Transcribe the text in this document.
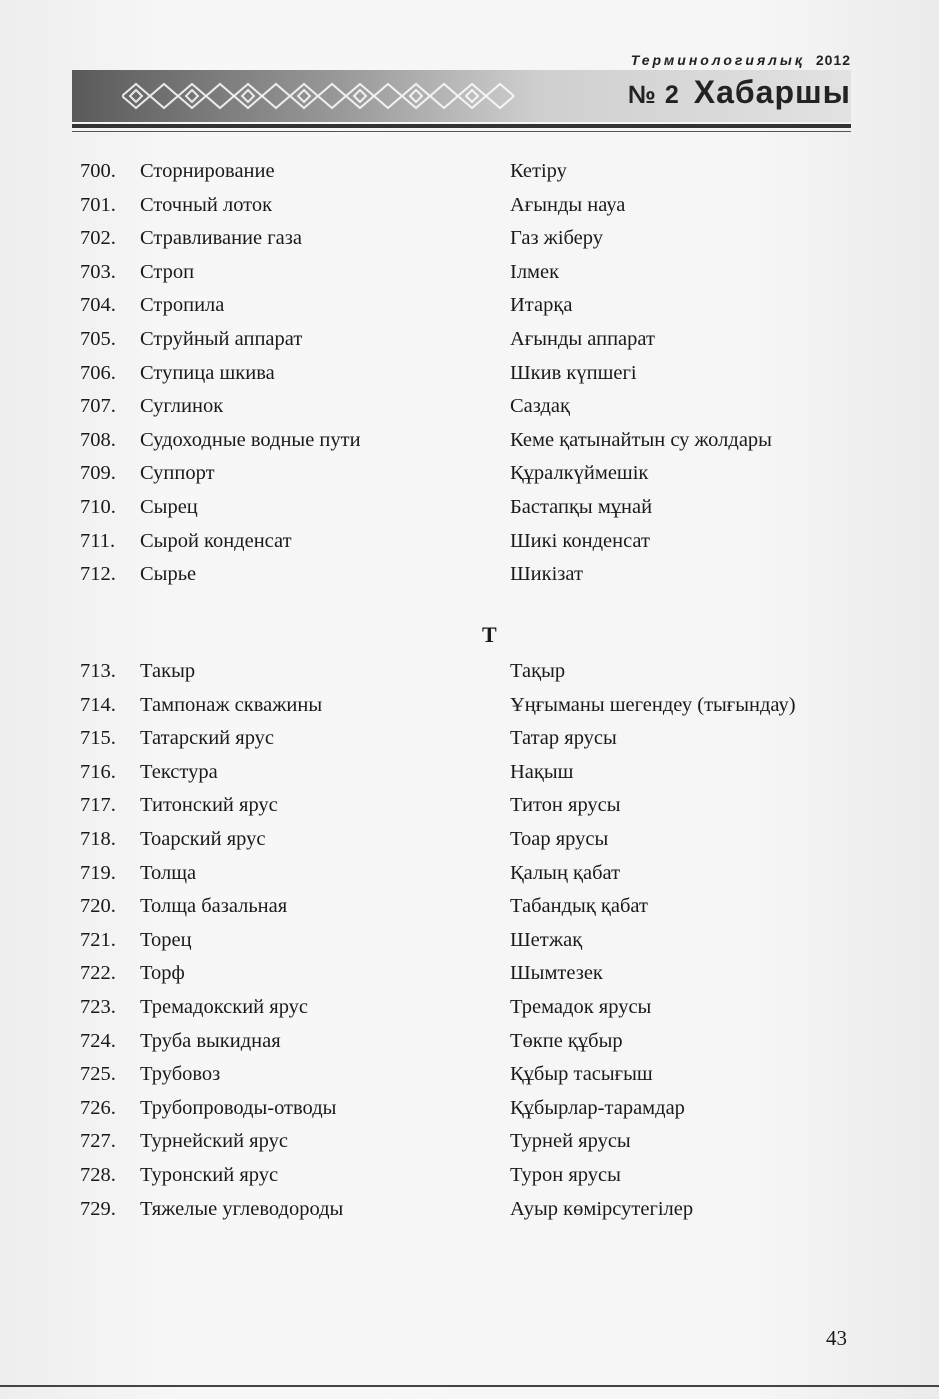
Терминологиялық 2012
№ 2 Хабаршы
700. Сторнирование	Кетіру
701. Сточный лоток	Ағынды науа
702. Стравливание газа	Газ жіберу
703. Строп	Ілмек
704. Стропила	Итарқа
705. Струйный аппарат	Ағынды аппарат
706. Ступица шкива	Шкив күпшегі
707. Суглинок	Саздақ
708. Судоходные водные пути	Кеме қатынайтын су жолдары
709. Суппорт	Құралкүймешік
710. Сырец	Бастапқы мұнай
711. Сырой конденсат	Шикі конденсат
712. Сырье	Шикізат
713. Такыр	Тақыр
714. Тампонаж скважины	Ұңғыманы шегендеу (тығындау)
715. Татарский ярус	Татар ярусы
716. Текстура	Нақыш
717. Титонский ярус	Титон ярусы
718. Тоарский ярус	Тоар ярусы
719. Толща	Қалың қабат
720. Толща базальная	Табандық қабат
721. Торец	Шетжақ
722. Торф	Шымтезек
723. Тремадокский ярус	Тремадок ярусы
724. Труба выкидная	Төкпе құбыр
725. Трубовоз	Құбыр тасығыш
726. Трубопроводы-отводы	Құбырлар-тарамдар
727. Турнейский ярус	Турней ярусы
728. Туронский ярус	Турон ярусы
729. Тяжелые углеводороды	Ауыр көмірсутегілер
Т
43
